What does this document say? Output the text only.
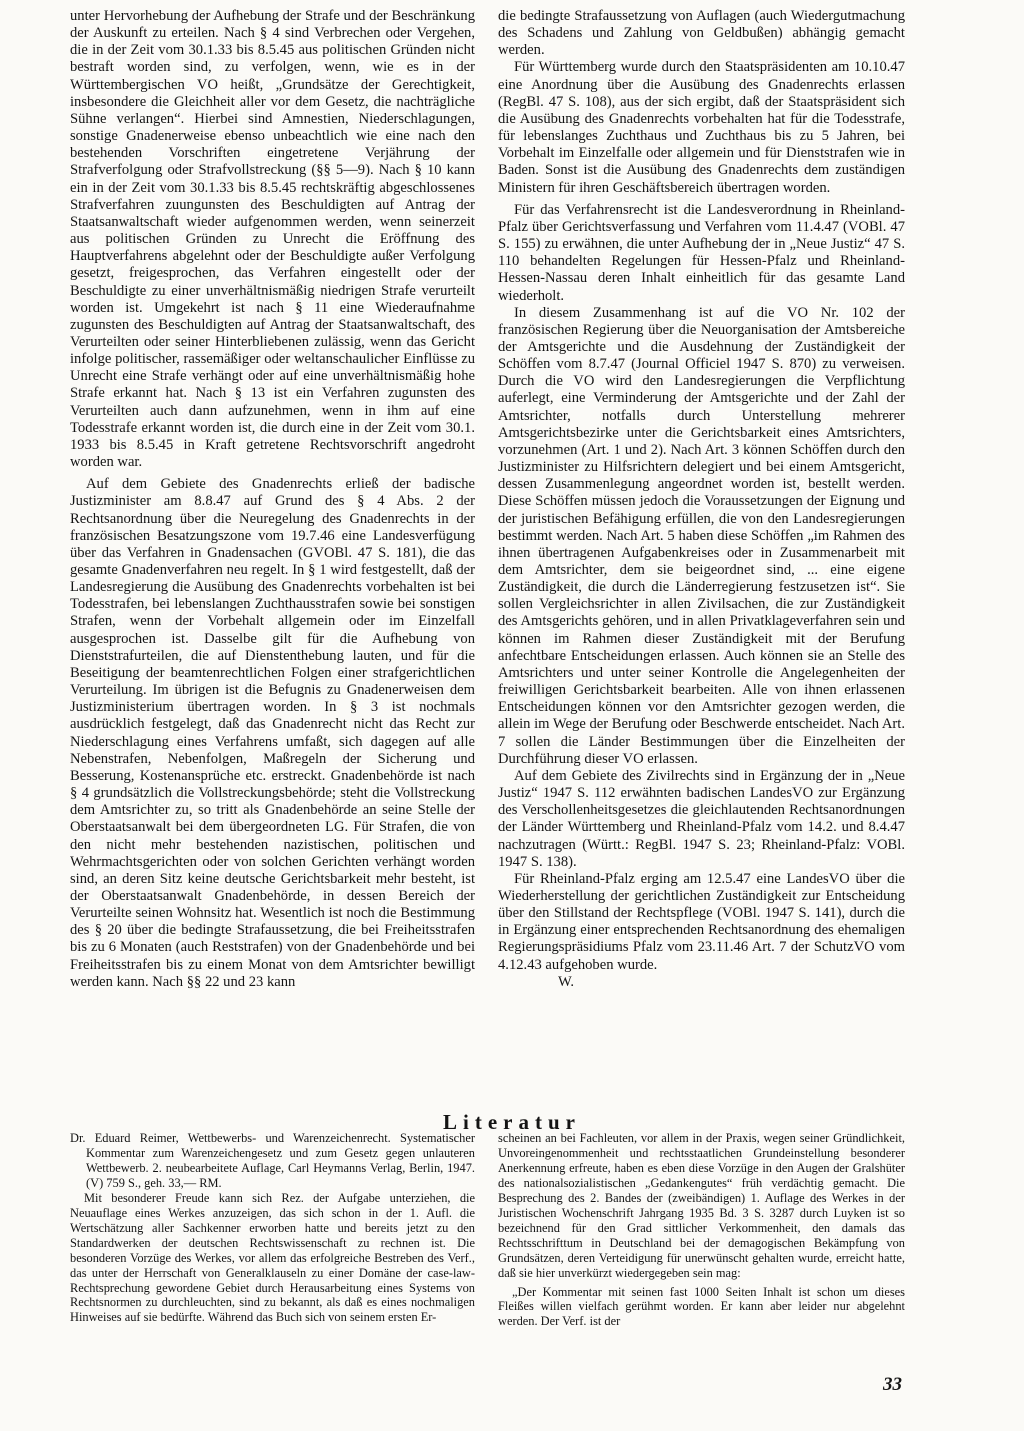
unter Hervorhebung der Aufhebung der Strafe und der Beschränkung der Auskunft zu erteilen. Nach § 4 sind Verbrechen oder Vergehen, die in der Zeit vom 30.1.33 bis 8.5.45 aus politischen Gründen nicht bestraft worden sind, zu verfolgen, wenn, wie es in der Württembergischen VO heißt, „Grundsätze der Gerechtigkeit, insbesondere die Gleichheit aller vor dem Gesetz, die nachträgliche Sühne verlangen“. Hierbei sind Amnestien, Niederschlagungen, sonstige Gnadenerweise ebenso unbeachtlich wie eine nach den bestehenden Vorschriften eingetretene Verjährung der Strafverfolgung oder Strafvollstreckung (§§ 5—9). Nach § 10 kann ein in der Zeit vom 30.1.33 bis 8.5.45 rechtskräftig abgeschlossenes Strafverfahren zuungunsten des Beschuldigten auf Antrag der Staatsanwaltschaft wieder aufgenommen werden, wenn seinerzeit aus politischen Gründen zu Unrecht die Eröffnung des Hauptverfahrens abgelehnt oder der Beschuldigte außer Verfolgung gesetzt, freigesprochen, das Verfahren eingestellt oder der Beschuldigte zu einer unverhältnismäßig niedrigen Strafe verurteilt worden ist. Umgekehrt ist nach § 11 eine Wiederaufnahme zugunsten des Beschuldigten auf Antrag der Staatsanwaltschaft, des Verurteilten oder seiner Hinterbliebenen zulässig, wenn das Gericht infolge politischer, rassemäßiger oder weltanschaulicher Einflüsse zu Unrecht eine Strafe verhängt oder auf eine unverhältnismäßig hohe Strafe erkannt hat. Nach § 13 ist ein Verfahren zugunsten des Verurteilten auch dann aufzunehmen, wenn in ihm auf eine Todesstrafe erkannt worden ist, die durch eine in der Zeit vom 30.1. 1933 bis 8.5.45 in Kraft getretene Rechtsvorschrift angedroht worden war.

Auf dem Gebiete des Gnadenrechts erließ der badische Justizminister am 8.8.47 auf Grund des § 4 Abs. 2 der Rechtsanordnung über die Neuregelung des Gnadenrechts in der französischen Besatzungszone vom 19.7.46 eine Landesverfügung über das Verfahren in Gnadensachen (GVOBl. 47 S. 181), die das gesamte Gnadenverfahren neu regelt. In § 1 wird festgestellt, daß der Landesregierung die Ausübung des Gnadenrechts vorbehalten ist bei Todesstrafen, bei lebenslangen Zuchthausstrafen sowie bei sonstigen Strafen, wenn der Vorbehalt allgemein oder im Einzelfall ausgesprochen ist. Dasselbe gilt für die Aufhebung von Dienststrafurteilen, die auf Dienstenthebung lauten, und für die Beseitigung der beamtenrechtlichen Folgen einer strafgerichtlichen Verurteilung. Im übrigen ist die Befugnis zu Gnadenerweisen dem Justizministerium übertragen worden. In § 3 ist nochmals ausdrücklich festgelegt, daß das Gnadenrecht nicht das Recht zur Niederschlagung eines Verfahrens umfaßt, sich dagegen auf alle Nebenstrafen, Nebenfolgen, Maßregeln der Sicherung und Besserung, Kostenansprüche etc. erstreckt. Gnadenbehörde ist nach § 4 grundsätzlich die Vollstreckungsbehörde; steht die Vollstreckung dem Amtsrichter zu, so tritt als Gnadenbehörde an seine Stelle der Oberstaatsanwalt bei dem übergeordneten LG. Für Strafen, die von den nicht mehr bestehenden nazistischen, politischen und Wehrmachtsgerichten oder von solchen Gerichten verhängt worden sind, an deren Sitz keine deutsche Gerichtsbarkeit mehr besteht, ist der Oberstaatsanwalt Gnadenbehörde, in dessen Bereich der Verurteilte seinen Wohnsitz hat. Wesentlich ist noch die Bestimmung des § 20 über die bedingte Strafaussetzung, die bei Freiheitsstrafen bis zu 6 Monaten (auch Reststrafen) von der Gnadenbehörde und bei Freiheitsstrafen bis zu einem Monat von dem Amtsrichter bewilligt werden kann. Nach §§ 22 und 23 kann

die bedingte Strafaussetzung von Auflagen (auch Wiedergutmachung des Schadens und Zahlung von Geldbußen) abhängig gemacht werden.

Für Württemberg wurde durch den Staatspräsidenten am 10.10.47 eine Anordnung über die Ausübung des Gnadenrechts erlassen (RegBl. 47 S. 108), aus der sich ergibt, daß der Staatspräsident sich die Ausübung des Gnadenrechts vorbehalten hat für die Todesstrafe, für lebenslanges Zuchthaus und Zuchthaus bis zu 5 Jahren, bei Vorbehalt im Einzelfalle oder allgemein und für Dienststrafen wie in Baden. Sonst ist die Ausübung des Gnadenrechts dem zuständigen Ministern für ihren Geschäftsbereich übertragen worden.

Für das Verfahrensrecht ist die Landesverordnung in Rheinland-Pfalz über Gerichtsverfassung und Verfahren vom 11.4.47 (VOBl. 47 S. 155) zu erwähnen, die unter Aufhebung der in „Neue Justiz“ 47 S. 110 behandelten Regelungen für Hessen-Pfalz und Rheinland-Hessen-Nassau deren Inhalt einheitlich für das gesamte Land wiederholt.

In diesem Zusammenhang ist auf die VO Nr. 102 der französischen Regierung über die Neuorganisation der Amtsbereiche der Amtsgerichte und die Ausdehnung der Zuständigkeit der Schöffen vom 8.7.47 (Journal Officiel 1947 S. 870) zu verweisen. Durch die VO wird den Landesregierungen die Verpflichtung auferlegt, eine Verminderung der Amtsgerichte und der Zahl der Amtsrichter, notfalls durch Unterstellung mehrerer Amtsgerichtsbezirke unter die Gerichtsbarkeit eines Amtsrichters, vorzunehmen (Art. 1 und 2). Nach Art. 3 können Schöffen durch den Justizminister zu Hilfsrichtern delegiert und bei einem Amtsgericht, dessen Zusammenlegung angeordnet worden ist, bestellt werden. Diese Schöffen müssen jedoch die Voraussetzungen der Eignung und der juristischen Befähigung erfüllen, die von den Landesregierungen bestimmt werden. Nach Art. 5 haben diese Schöffen „im Rahmen des ihnen übertragenen Aufgabenkreises oder in Zusammenarbeit mit dem Amtsrichter, dem sie beigeordnet sind, ... eine eigene Zuständigkeit, die durch die Länderregierung festzusetzen ist“. Sie sollen Vergleichsrichter in allen Zivilsachen, die zur Zuständigkeit des Amtsgerichts gehören, und in allen Privatklageverfahren sein und können im Rahmen dieser Zuständigkeit mit der Berufung anfechtbare Entscheidungen erlassen. Auch können sie an Stelle des Amtsrichters und unter seiner Kontrolle die Angelegenheiten der freiwilligen Gerichtsbarkeit bearbeiten. Alle von ihnen erlassenen Entscheidungen können vor den Amtsrichter gezogen werden, die allein im Wege der Berufung oder Beschwerde entscheidet. Nach Art. 7 sollen die Länder Bestimmungen über die Einzelheiten der Durchführung dieser VO erlassen.

Auf dem Gebiete des Zivilrechts sind in Ergänzung der in „Neue Justiz“ 1947 S. 112 erwähnten badischen LandesVO zur Ergänzung des Verschollenheitsgesetzes die gleichlautenden Rechtsanordnungen der Länder Württemberg und Rheinland-Pfalz vom 14.2. und 8.4.47 nachzutragen (Württ.: RegBl. 1947 S. 23; Rheinland-Pfalz: VOBl. 1947 S. 138).

Für Rheinland-Pfalz erging am 12.5.47 eine LandesVO über die Wiederherstellung der gerichtlichen Zuständigkeit zur Entscheidung über den Stillstand der Rechtspflege (VOBl. 1947 S. 141), durch die in Ergänzung einer entsprechenden Rechtsanordnung des ehemaligen Regierungspräsidiums Pfalz vom 23.11.46 Art. 7 der SchutzVO vom 4.12.43 aufgehoben wurde.

W.
Literatur

Dr. Eduard Reimer, Wettbewerbs- und Warenzeichenrecht. Systematischer Kommentar zum Warenzeichengesetz und zum Gesetz gegen unlauteren Wettbewerb. 2. neubearbeitete Auflage, Carl Heymanns Verlag, Berlin, 1947. (V) 759 S., geh. 33,— RM.

Mit besonderer Freude kann sich Rez. der Aufgabe unterziehen, die Neuauflage eines Werkes anzuzeigen, das sich schon in der 1. Aufl. die Wertschätzung aller Sachkenner erworben hatte und bereits jetzt zu den Standardwerken der deutschen Rechtswissenschaft zu rechnen ist. Die besonderen Vorzüge des Werkes, vor allem das erfolgreiche Bestreben des Verf., das unter der Herrschaft von Generalklauseln zu einer Domäne der case-law-Rechtsprechung gewordene Gebiet durch Herausarbeitung eines Systems von Rechtsnormen zu durchleuchten, sind zu bekannt, als daß es eines nochmaligen Hinweises auf sie bedürfte. Während das Buch sich von seinem ersten Er-

scheinen an bei Fachleuten, vor allem in der Praxis, wegen seiner Gründlichkeit, Unvoreingenommenheit und rechtsstaatlichen Grundeinstellung besonderer Anerkennung erfreute, haben es eben diese Vorzüge in den Augen der Gralshüter des nationalsozialistischen „Gedankengutes“ früh verdächtig gemacht. Die Besprechung des 2. Bandes der (zweibändigen) 1. Auflage des Werkes in der Juristischen Wochenschrift Jahrgang 1935 Bd. 3 S. 3287 durch Luyken ist so bezeichnend für den Grad sittlicher Verkommenheit, den damals das Rechtsschrifttum in Deutschland bei der demagogischen Bekämpfung von Grundsätzen, deren Verteidigung für unerwünscht gehalten wurde, erreicht hatte, daß sie hier unverkürzt wiedergegeben sein mag:

„Der Kommentar mit seinen fast 1000 Seiten Inhalt ist schon um dieses Fleißes willen vielfach gerühmt worden. Er kann aber leider nur abgelehnt werden. Der Verf. ist der
33
